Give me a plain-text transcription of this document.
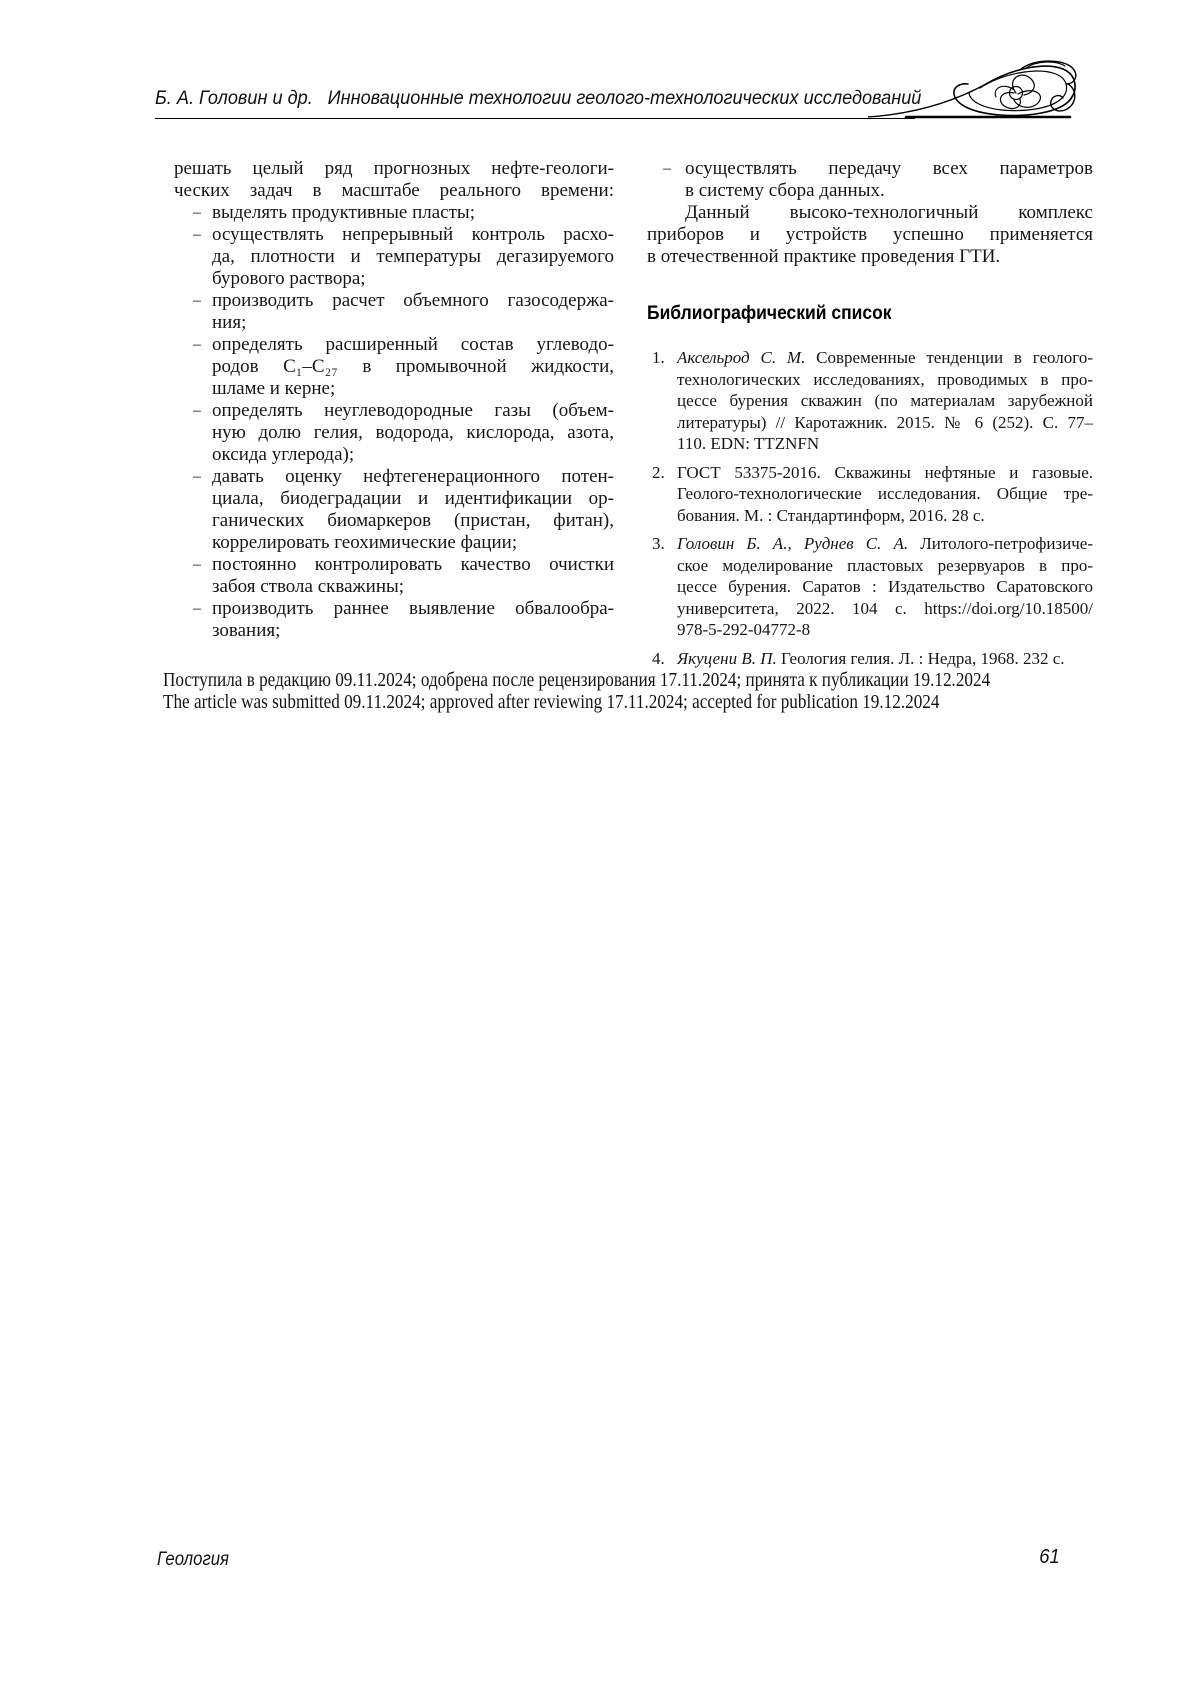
Б. А. Головин и др. Инновационные технологии геолого-технологических исследований
решать целый ряд прогнозных нефте-геологи-
ческих задач в масштабе реального времени:
– выделять продуктивные пласты;
– осуществлять непрерывный контроль расхо-
да, плотности и температуры дегазируемого
бурового раствора;
– производить расчет объемного газосодержа-
ния;
– определять расширенный состав углеводо-
родов C₁–C₂₇ в промывочной жидкости,
шламе и керне;
– определять неуглеводородные газы (объем-
ную долю гелия, водорода, кислорода, азота,
оксида углерода);
– давать оценку нефтегенерационного потен-
циала, биодеградации и идентификации ор-
ганических биомаркеров (пристан, фитан),
коррелировать геохимические фации;
– постоянно контролировать качество очистки
забоя ствола скважины;
– производить раннее выявление обвалообра-
зования;
– осуществлять передачу всех параметров
в систему сбора данных.
Данный высоко-технологичный комплекс
приборов и устройств успешно применяется
в отечественной практике проведения ГТИ.
Библиографический список
1. Аксельрод С. М. Современные тенденции в геолого-
технологических исследованиях, проводимых в про-
цессе бурения скважин (по материалам зарубежной
литературы) // Каротажник. 2015. № 6 (252). С. 77–
110. EDN: TTZNFN
2. ГОСТ 53375-2016. Скважины нефтяные и газовые.
Геолого-технологические исследования. Общие тре-
бования. М. : Стандартинформ, 2016. 28 с.
3. Головин Б. А., Руднев С. А. Литолого-петрофизиче-
ское моделирование пластовых резервуаров в про-
цессе бурения. Саратов : Издательство Саратовского
университета, 2022. 104 с. https://doi.org/10.18500/
978-5-292-04772-8
4. Якуцени В. П. Геология гелия. Л. : Недра, 1968. 232 с.
Поступила в редакцию 09.11.2024; одобрена после рецензирования 17.11.2024; принята к публикации 19.12.2024
The article was submitted 09.11.2024; approved after reviewing 17.11.2024; accepted for publication 19.12.2024
Геология	61
